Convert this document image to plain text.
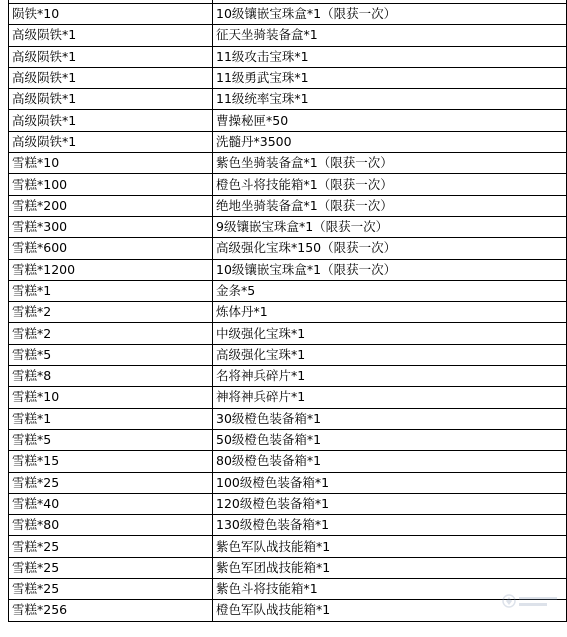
陨铁*10	10级镶嵌宝珠盒*1（限获一次）
高级陨铁*1	征天坐骑装备盒*1
高级陨铁*1	11级攻击宝珠*1
高级陨铁*1	11级勇武宝珠*1
高级陨铁*1	11级统率宝珠*1
高级陨铁*1	曹操秘匣*50
高级陨铁*1	洗髓丹*3500
雪糕*10	紫色坐骑装备盒*1（限获一次）
雪糕*100	橙色斗将技能箱*1（限获一次）
雪糕*200	绝地坐骑装备盒*1（限获一次）
雪糕*300	9级镶嵌宝珠盒*1（限获一次）
雪糕*600	高级强化宝珠*150（限获一次）
雪糕*1200	10级镶嵌宝珠盒*1（限获一次）
雪糕*1	金条*5
雪糕*2	炼体丹*1
雪糕*2	中级强化宝珠*1
雪糕*5	高级强化宝珠*1
雪糕*8	名将神兵碎片*1
雪糕*10	神将神兵碎片*1
雪糕*1	30级橙色装备箱*1
雪糕*5	50级橙色装备箱*1
雪糕*15	80级橙色装备箱*1
雪糕*25	100级橙色装备箱*1
雪糕*40	120级橙色装备箱*1
雪糕*80	130级橙色装备箱*1
雪糕*25	紫色军队战技能箱*1
雪糕*25	紫色军团战技能箱*1
雪糕*25	紫色斗将技能箱*1
雪糕*256	橙色军队战技能箱*1
